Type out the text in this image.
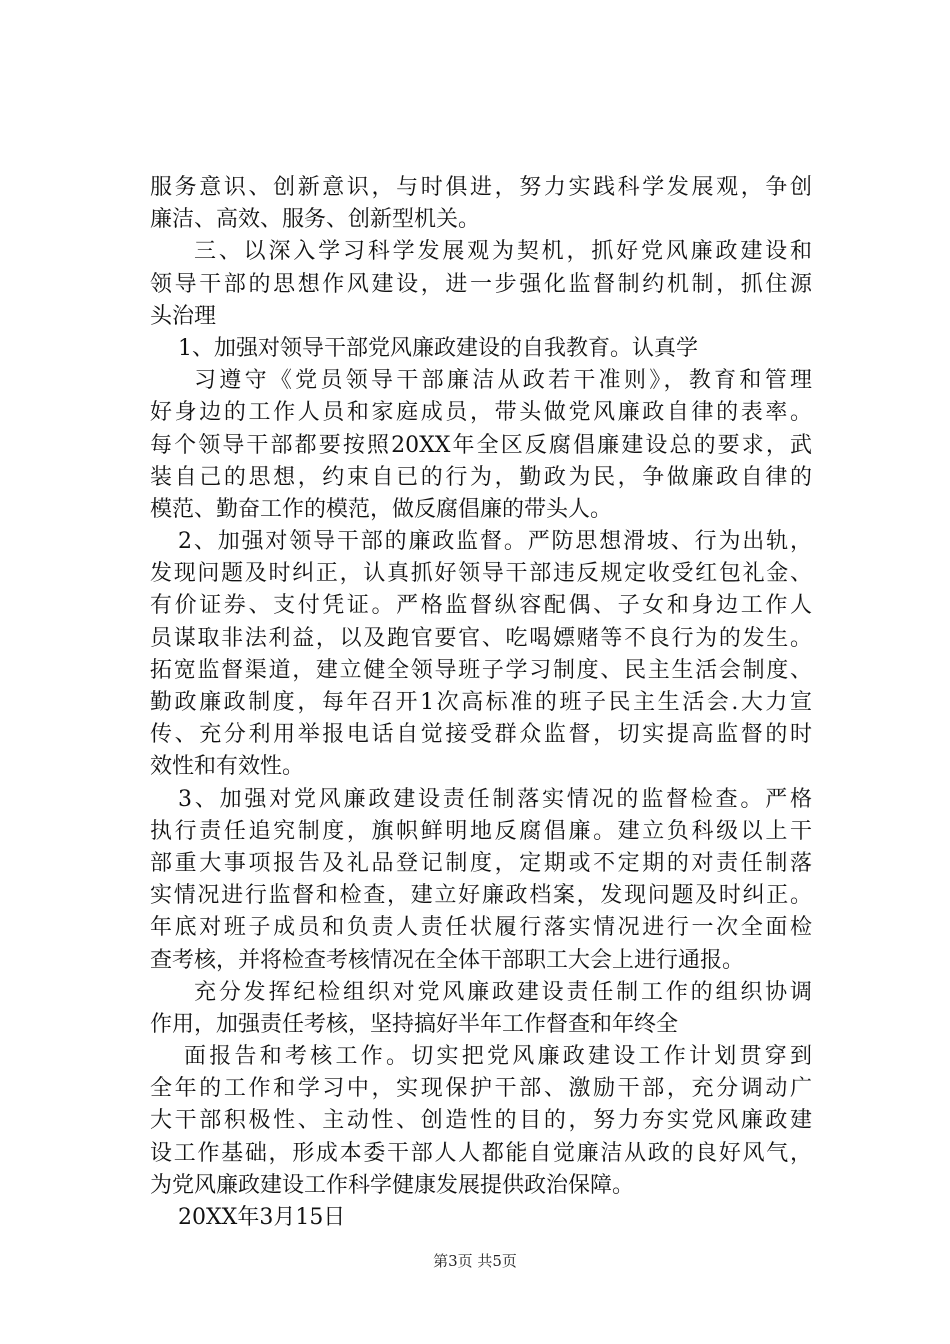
服务意识、创新意识，与时俱进，努力实践科学发展观，争创
廉洁、高效、服务、创新型机关。
三、以深入学习科学发展观为契机，抓好党风廉政建设和
领导干部的思想作风建设，进一步强化监督制约机制，抓住源
头治理
1、加强对领导干部党风廉政建设的自我教育。认真学
习遵守《党员领导干部廉洁从政若干准则》，教育和管理
好身边的工作人员和家庭成员，带头做党风廉政自律的表率。
每个领导干部都要按照20XX年全区反腐倡廉建设总的要求，武
装自己的思想，约束自已的行为，勤政为民，争做廉政自律的
模范、勤奋工作的模范，做反腐倡廉的带头人。
2、加强对领导干部的廉政监督。严防思想滑坡、行为出轨，
发现问题及时纠正，认真抓好领导干部违反规定收受红包礼金、
有价证券、支付凭证。严格监督纵容配偶、子女和身边工作人
员谋取非法利益，以及跑官要官、吃喝嫖赌等不良行为的发生。
拓宽监督渠道，建立健全领导班子学习制度、民主生活会制度、
勤政廉政制度，每年召开1次高标准的班子民主生活会.大力宣
传、充分利用举报电话自觉接受群众监督，切实提高监督的时
效性和有效性。
3、加强对党风廉政建设责任制落实情况的监督检查。严格
执行责任追究制度，旗帜鲜明地反腐倡廉。建立负科级以上干
部重大事项报告及礼品登记制度，定期或不定期的对责任制落
实情况进行监督和检查，建立好廉政档案，发现问题及时纠正。
年底对班子成员和负责人责任状履行落实情况进行一次全面检
查考核，并将检查考核情况在全体干部职工大会上进行通报。
充分发挥纪检组织对党风廉政建设责任制工作的组织协调
作用，加强责任考核，坚持搞好半年工作督查和年终全
面报告和考核工作。切实把党风廉政建设工作计划贯穿到
全年的工作和学习中，实现保护干部、激励干部，充分调动广
大干部积极性、主动性、创造性的目的，努力夯实党风廉政建
设工作基础，形成本委干部人人都能自觉廉洁从政的良好风气，
为党风廉政建设工作科学健康发展提供政治保障。
20XX年3月15日
第3页 共5页
